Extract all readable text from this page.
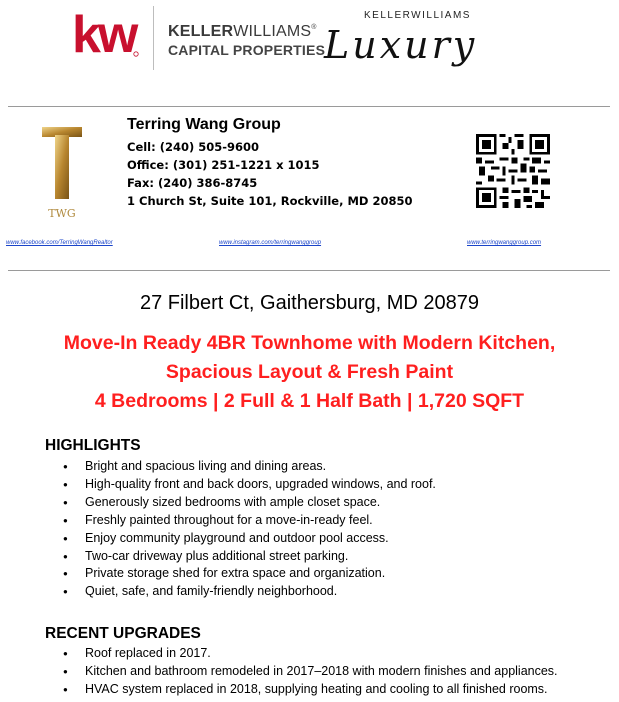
kw KELLERWILLIAMS®
CAPITAL PROPERTIES
KELLERWILLIAMS
Luxury
TWG
Terring Wang Group
Cell: (240) 505-9600
Office: (301) 251-1221 x 1015
Fax: (240) 386-8745
1 Church St, Suite 101, Rockville, MD 20850
www.facebook.com/TerringWangRealtor	www.instagram.com/terringwanggroup	www.terringwanggroup.com
27 Filbert Ct, Gaithersburg, MD 20879
Move-In Ready 4BR Townhome with Modern Kitchen,
Spacious Layout & Fresh Paint
4 Bedrooms | 2 Full & 1 Half Bath | 1,720 SQFT
HIGHLIGHTS
● Bright and spacious living and dining areas.
● High-quality front and back doors, upgraded windows, and roof.
● Generously sized bedrooms with ample closet space.
● Freshly painted throughout for a move-in-ready feel.
● Enjoy community playground and outdoor pool access.
● Two-car driveway plus additional street parking.
● Private storage shed for extra space and organization.
● Quiet, safe, and family-friendly neighborhood.
RECENT UPGRADES
● Roof replaced in 2017.
● Kitchen and bathroom remodeled in 2017–2018 with modern finishes and appliances.
● HVAC system replaced in 2018, supplying heating and cooling to all finished rooms.
